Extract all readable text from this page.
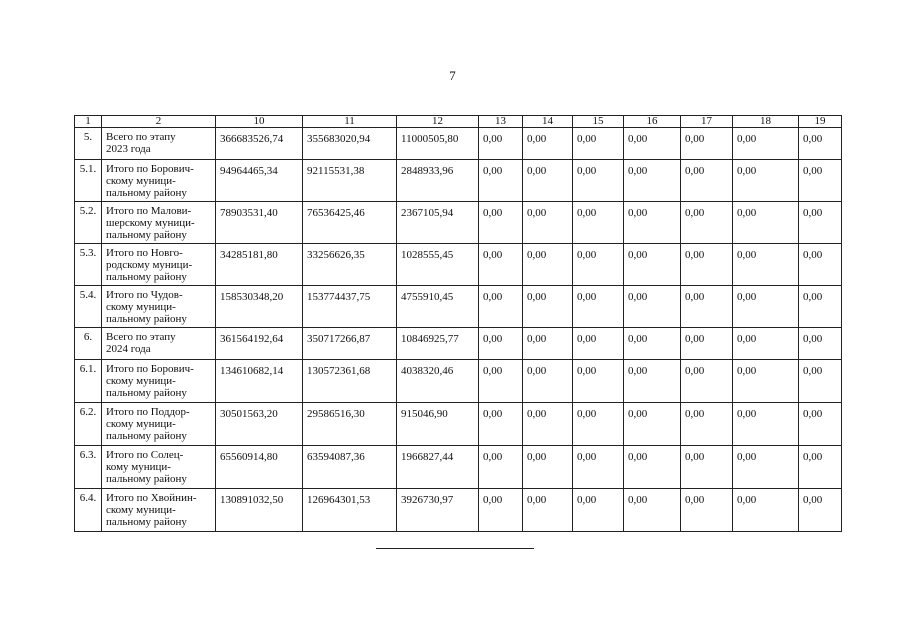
7
1	2	10	11	12	13	14	15	16	17	18	19
5.	Всего по этапу
2023 года	366683526,74	355683020,94	11000505,80	0,00	0,00	0,00	0,00	0,00	0,00	0,00
5.1.	Итого по Борович-
скому муници-
пальному району	94964465,34	92115531,38	2848933,96	0,00	0,00	0,00	0,00	0,00	0,00	0,00
5.2.	Итого по Малови-
шерскому муници-
пальному району	78903531,40	76536425,46	2367105,94	0,00	0,00	0,00	0,00	0,00	0,00	0,00
5.3.	Итого по Новго-
родскому муници-
пальному району	34285181,80	33256626,35	1028555,45	0,00	0,00	0,00	0,00	0,00	0,00	0,00
5.4.	Итого по Чудов-
скому муници-
пальному району	158530348,20	153774437,75	4755910,45	0,00	0,00	0,00	0,00	0,00	0,00	0,00
6.	Всего по этапу
2024 года	361564192,64	350717266,87	10846925,77	0,00	0,00	0,00	0,00	0,00	0,00	0,00
6.1.	Итого по Борович-
скому муници-
пальному району	134610682,14	130572361,68	4038320,46	0,00	0,00	0,00	0,00	0,00	0,00	0,00
6.2.	Итого по Поддор-
скому муници-
пальному району	30501563,20	29586516,30	915046,90	0,00	0,00	0,00	0,00	0,00	0,00	0,00
6.3.	Итого по Солец-
кому муници-
пальному району	65560914,80	63594087,36	1966827,44	0,00	0,00	0,00	0,00	0,00	0,00	0,00
6.4.	Итого по Хвойнин-
скому муници-
пальному району	130891032,50	126964301,53	3926730,97	0,00	0,00	0,00	0,00	0,00	0,00	0,00
